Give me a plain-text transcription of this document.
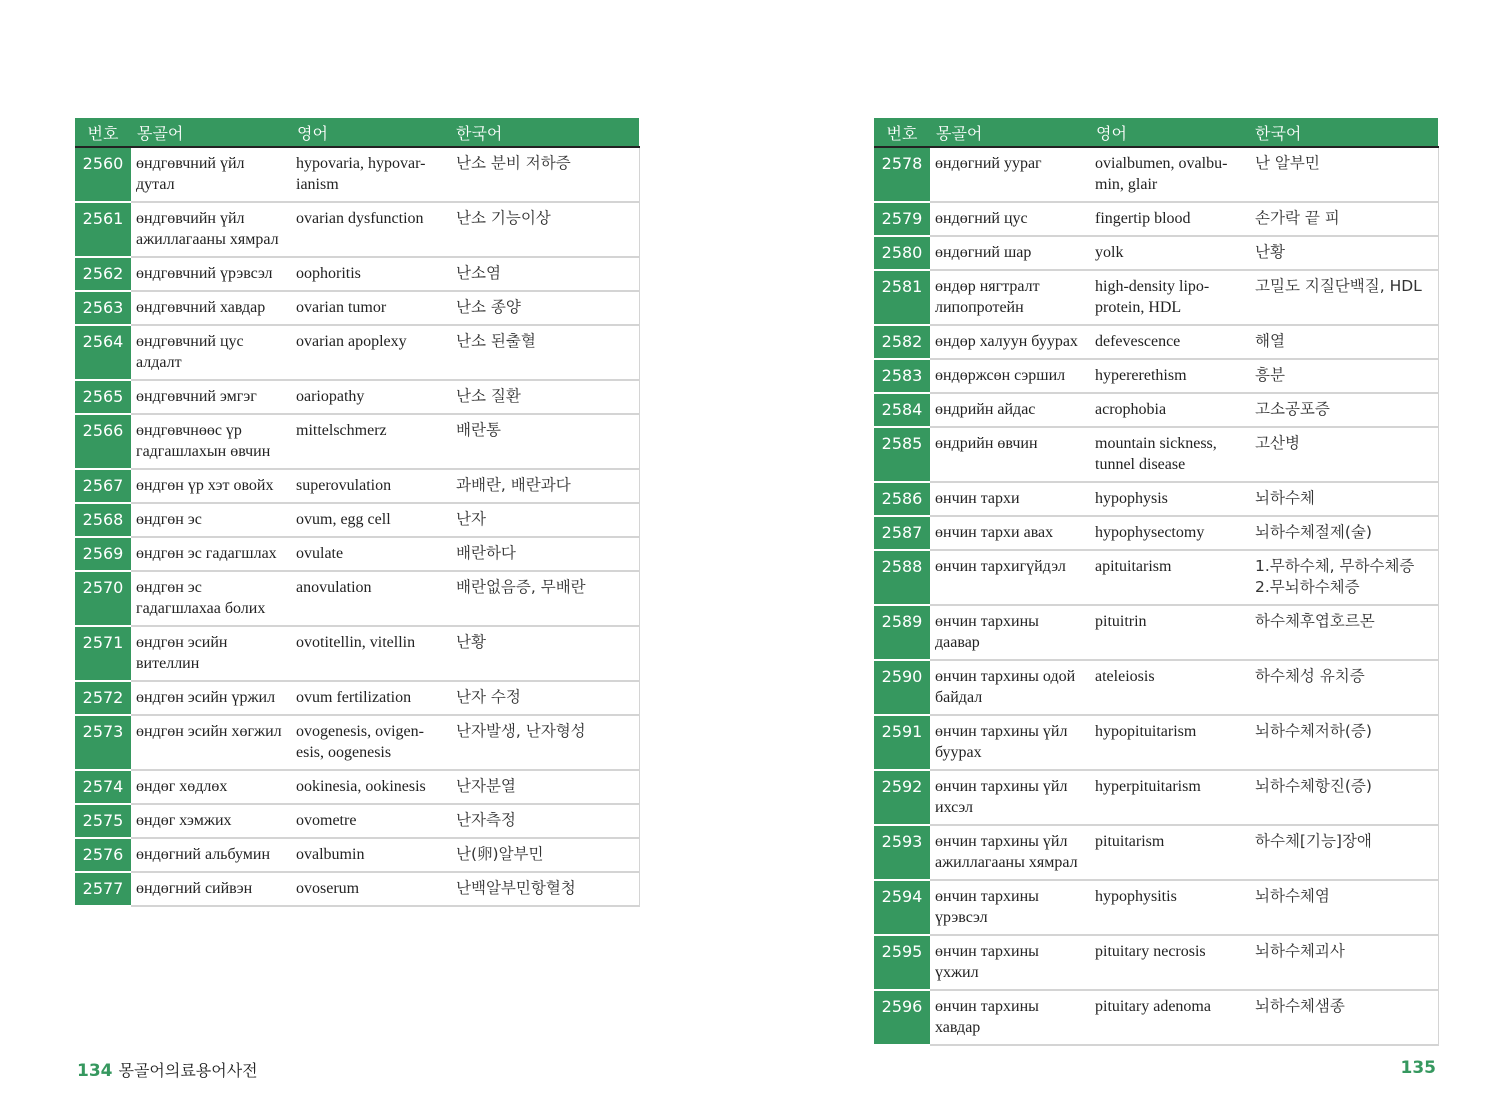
번호	몽골어	영어	한국어
2560	өндгөвчний үйл дутал	hypovaria, hypovar-ianism	난소 분비 저하증
2561	өндгөвчийн үйл ажиллагааны хямрал	ovarian dysfunction	난소 기능이상
2562	өндгөвчний үрэвсэл	oophoritis	난소염
2563	өндгөвчний хавдар	ovarian tumor	난소 종양
2564	өндгөвчний цус алдалт	ovarian apoplexy	난소 된출혈
2565	өндгөвчний эмгэг	oariopathy	난소 질환
2566	өндгөвчнөөс үр гадгашлахын өвчин	mittelschmerz	배란통
2567	өндгөн үр хэт овойх	superovulation	과배란, 배란과다
2568	өндгөн эс	ovum, egg cell	난자
2569	өндгөн эс гадагшлах	ovulate	배란하다
2570	өндгөн эс гадагшлахаа болих	anovulation	배란없음증, 무배란
2571	өндгөн эсийн вителлин	ovotitellin, vitellin	난황
2572	өндгөн эсийн үржил	ovum fertilization	난자 수정
2573	өндгөн эсийн хөгжил	ovogenesis, ovigen-esis, oogenesis	난자발생, 난자형성
2574	өндөг хөдлөх	ookinesia, ookinesis	난자분열
2575	өндөг хэмжих	ovometre	난자측정
2576	өндөгний альбумин	ovalbumin	난(卵)알부민
2577	өндөгний сийвэн	ovoserum	난백알부민항혈청
번호	몽골어	영어	한국어
2578	өндөгний уураг	ovialbumen, ovalbu-min, glair	난 알부민
2579	өндөгний цус	fingertip blood	손가락 끝 피
2580	өндөгний шар	yolk	난황
2581	өндөр нягтралт липопротейн	high-density lipo-protein, HDL	고밀도 지질단백질, HDL
2582	өндөр халуун буурах	defevescence	해열
2583	өндөржсөн сэршил	hypererethism	흥분
2584	өндрийн айдас	acrophobia	고소공포증
2585	өндрийн өвчин	mountain sickness, tunnel disease	고산병
2586	өнчин тархи	hypophysis	뇌하수체
2587	өнчин тархи авах	hypophysectomy	뇌하수체절제(술)
2588	өнчин тархигүйдэл	apituitarism	1.무하수체, 무하수체증 2.무뇌하수체증
2589	өнчин тархины даавар	pituitrin	하수체후엽호르몬
2590	өнчин тархины одой байдал	ateleiosis	하수체성 유치증
2591	өнчин тархины үйл буурах	hypopituitarism	뇌하수체저하(증)
2592	өнчин тархины үйл ихсэл	hyperpituitarism	뇌하수체항진(증)
2593	өнчин тархины үйл ажиллагааны хямрал	pituitarism	하수체[기능]장애
2594	өнчин тархины үрэвсэл	hypophysitis	뇌하수체염
2595	өнчин тархины үхжил	pituitary necrosis	뇌하수체괴사
2596	өнчин тархины хавдар	pituitary adenoma	뇌하수체샘종
134 몽골어의료용어사전	135
